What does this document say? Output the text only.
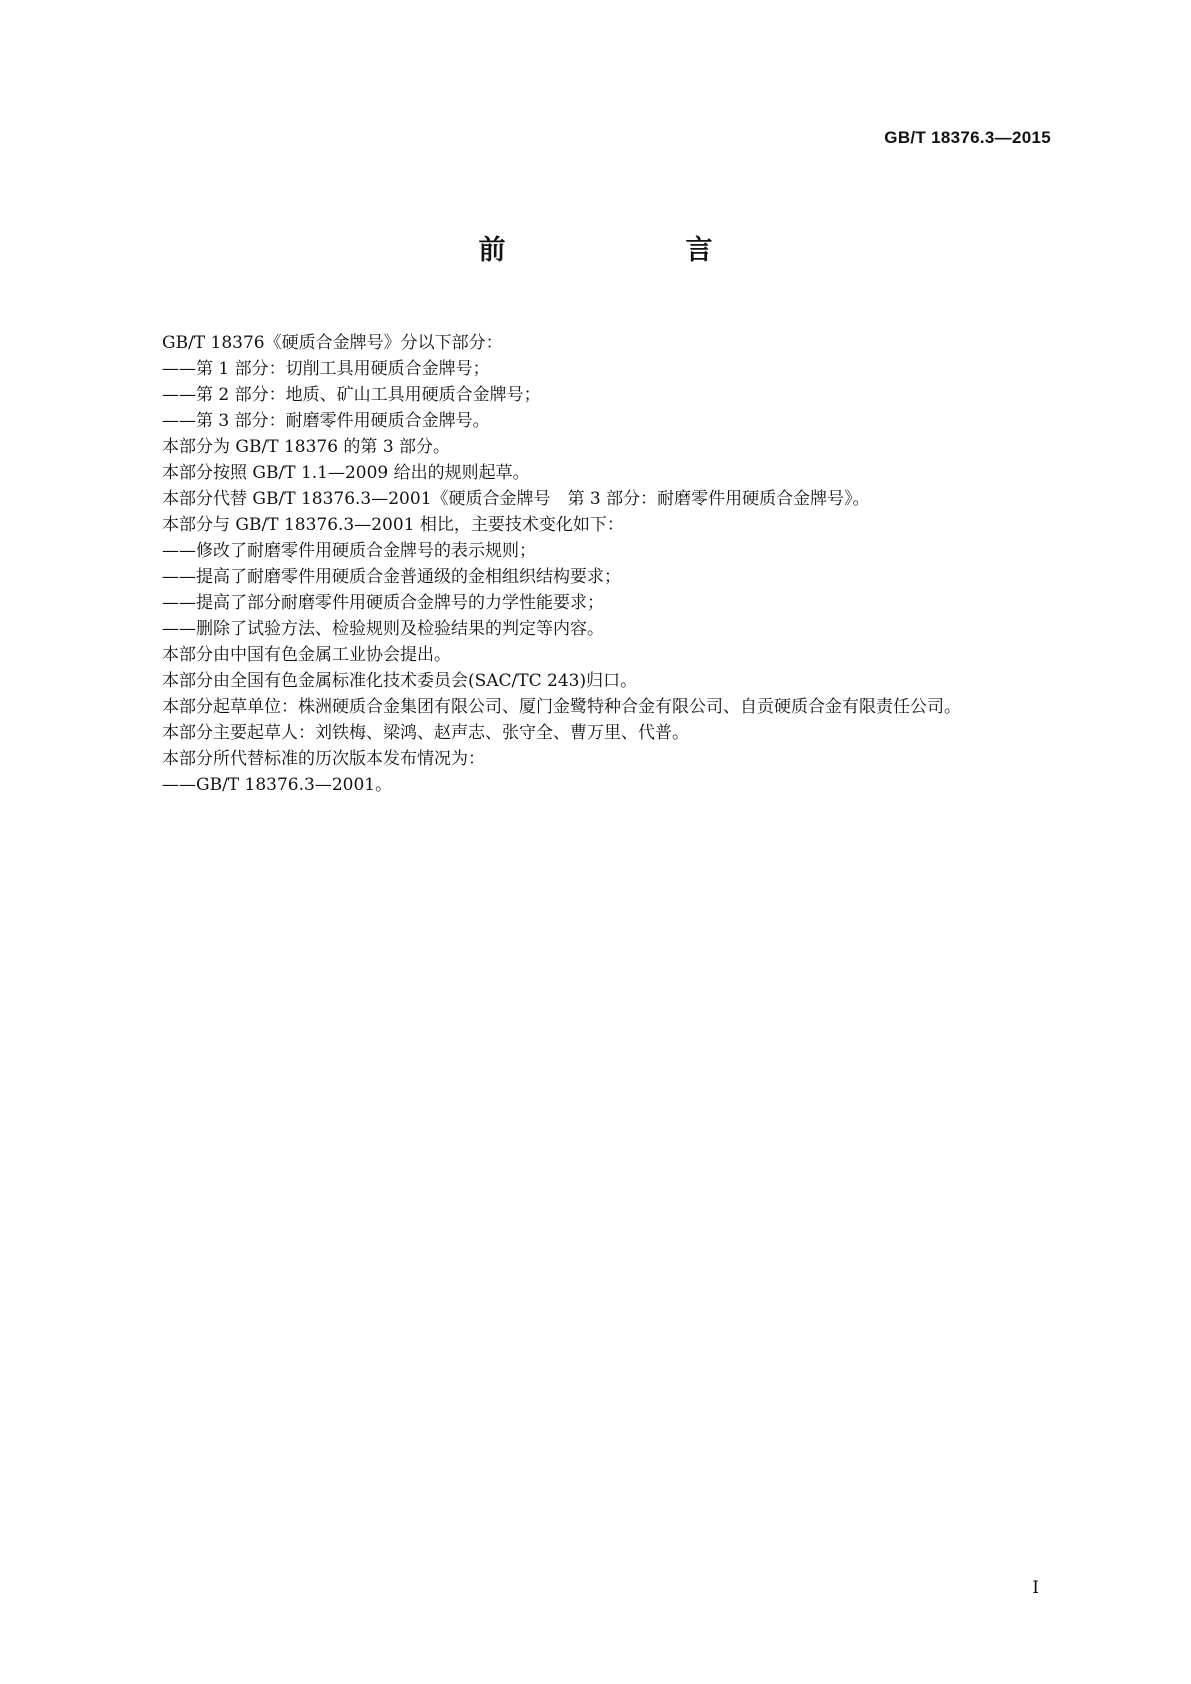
GB/T 18376.3—2015
前　　言

GB/T 18376《硬质合金牌号》分以下部分：

——第 1 部分：切削工具用硬质合金牌号；

——第 2 部分：地质、矿山工具用硬质合金牌号；

——第 3 部分：耐磨零件用硬质合金牌号。

本部分为 GB/T 18376 的第 3 部分。

本部分按照 GB/T 1.1—2009 给出的规则起草。

本部分代替 GB/T 18376.3—2001《硬质合金牌号　第 3 部分：耐磨零件用硬质合金牌号》。

本部分与 GB/T 18376.3—2001 相比，主要技术变化如下：

——修改了耐磨零件用硬质合金牌号的表示规则；

——提高了耐磨零件用硬质合金普通级的金相组织结构要求；

——提高了部分耐磨零件用硬质合金牌号的力学性能要求；

——删除了试验方法、检验规则及检验结果的判定等内容。

本部分由中国有色金属工业协会提出。

本部分由全国有色金属标准化技术委员会(SAC/TC 243)归口。

本部分起草单位：株洲硬质合金集团有限公司、厦门金鹭特种合金有限公司、自贡硬质合金有限责任公司。

本部分主要起草人：刘铁梅、梁鸿、赵声志、张守全、曹万里、代普。

本部分所代替标准的历次版本发布情况为：

——GB/T 18376.3—2001。

I
